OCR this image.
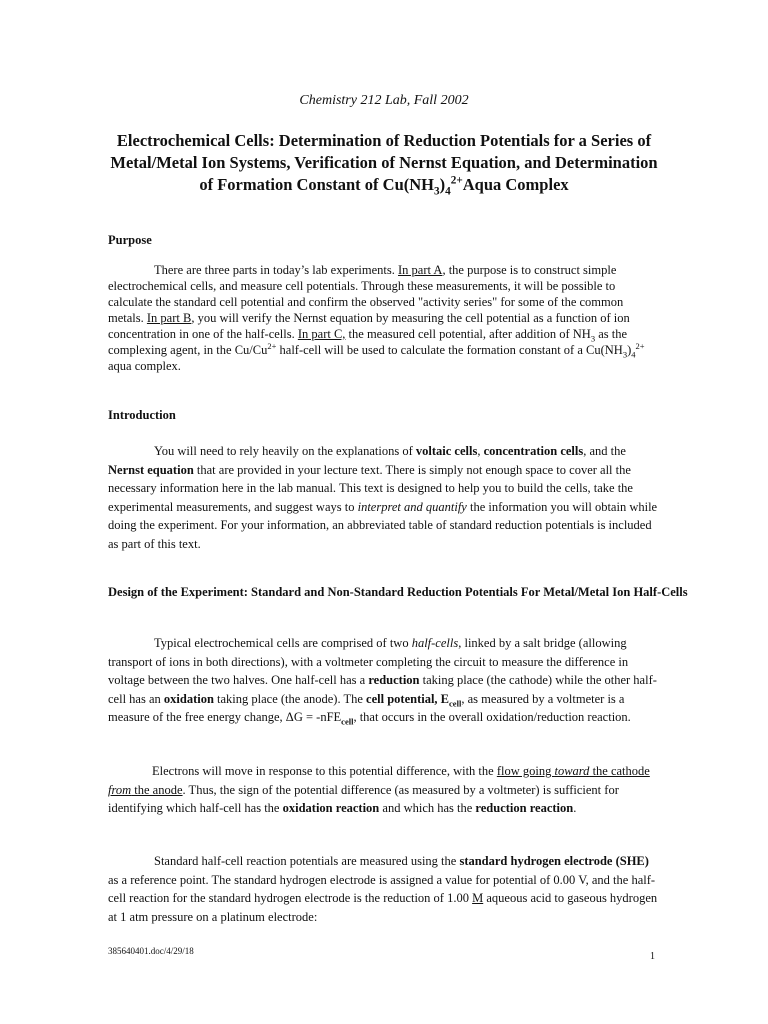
Chemistry 212 Lab, Fall 2002
Electrochemical Cells: Determination of Reduction Potentials for a Series of
Metal/Metal Ion Systems, Verification of Nernst Equation, and Determination
of Formation Constant of $Cu(NH_3)_4^{2+}Aqua$ Complex
Purpose

There are three parts in today’s lab experiments. In part A, the purpose is to construct simple electrochemical cells, and measure cell potentials. Through these measurements, it will be possible to calculate the standard cell potential and confirm the observed "activity series" for some of the common metals. In part B, you will verify the Nernst equation by measuring the cell potential as a function of ion concentration in one of the half-cells. In part C, the measured cell potential, after addition of $NH_3$ as the complexing agent, in the $Cu/Cu^{2+}$ half-cell will be used to calculate the formation constant of a $Cu(NH_3)_4^{2+}$ aqua complex.

Introduction

You will need to rely heavily on the explanations of voltaic cells, concentration cells, and the Nernst equation that are provided in your lecture text. There is simply not enough space to cover all the necessary information here in the lab manual. This text is designed to help you to build the cells, take the experimental measurements, and suggest ways to interpret and quantify the information you will obtain while doing the experiment. For your information, an abbreviated table of standard reduction potentials is included as part of this text.

Design of the Experiment: Standard and Non-Standard Reduction Potentials For Metal/Metal Ion Half-Cells

Typical electrochemical cells are comprised of two half-cells, linked by a salt bridge (allowing transport of ions in both directions), with a voltmeter completing the circuit to measure the difference in voltage between the two halves. One half-cell has a reduction taking place (the cathode) while the other half-cell has an oxidation taking place (the anode). The cell potential, $E_{cell}$, as measured by a voltmeter is a measure of the free energy change, ΔG = -nFE$_{cell}$, that occurs in the overall oxidation/reduction reaction.

Electrons will move in response to this potential difference, with the flow going toward the cathode from the anode. Thus, the sign of the potential difference (as measured by a voltmeter) is sufficient for identifying which half-cell has the oxidation reaction and which has the reduction reaction.

Standard half-cell reaction potentials are measured using the standard hydrogen electrode (SHE) as a reference point. The standard hydrogen electrode is assigned a value for potential of 0.00 V, and the half-cell reaction for the standard hydrogen electrode is the reduction of 1.00 M aqueous acid to gaseous hydrogen at 1 atm pressure on a platinum electrode:

385640401.doc/4/29/18	1
